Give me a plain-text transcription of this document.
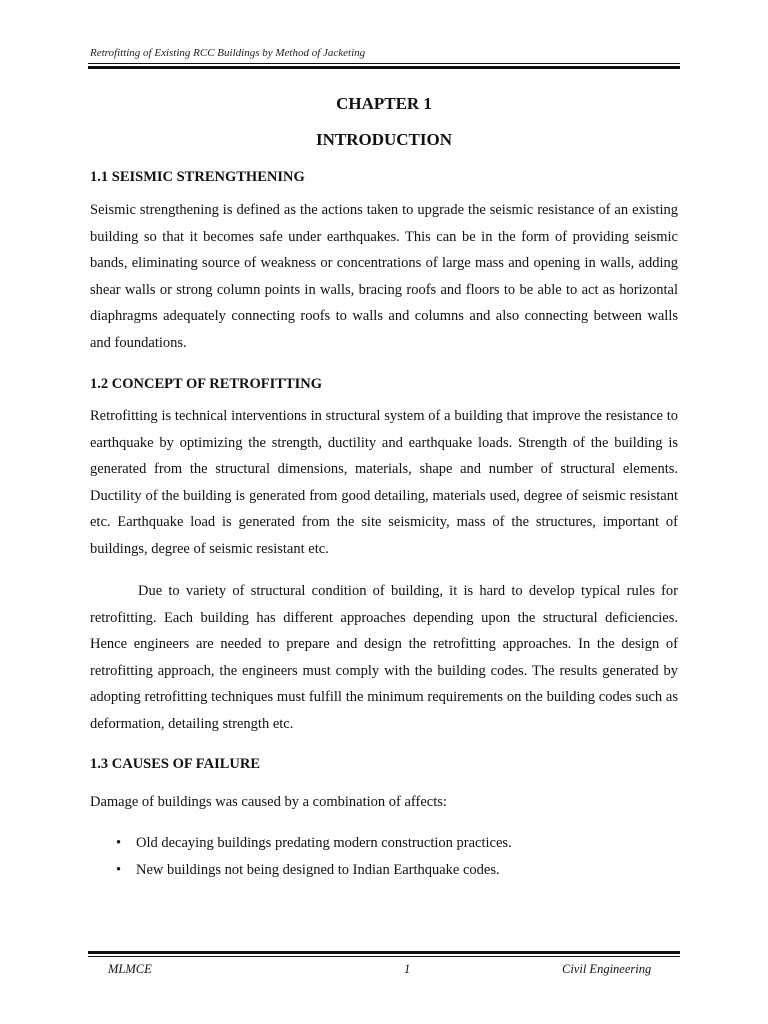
Retrofitting of Existing RCC Buildings by Method of Jacketing
CHAPTER 1
INTRODUCTION
1.1 SEISMIC STRENGTHENING

Seismic strengthening is defined as the actions taken to upgrade the seismic resistance of an existing building so that it becomes safe under earthquakes. This can be in the form of providing seismic bands, eliminating source of weakness or concentrations of large mass and opening in walls, adding shear walls or strong column points in walls, bracing roofs and floors to be able to act as horizontal diaphragms adequately connecting roofs to walls and columns and also connecting between walls and foundations.

1.2 CONCEPT OF RETROFITTING

Retrofitting is technical interventions in structural system of a building that improve the resistance to earthquake by optimizing the strength, ductility and earthquake loads. Strength of the building is generated from the structural dimensions, materials, shape and number of structural elements. Ductility of the building is generated from good detailing, materials used, degree of seismic resistant etc. Earthquake load is generated from the site seismicity, mass of the structures, important of buildings, degree of seismic resistant etc.

Due to variety of structural condition of building, it is hard to develop typical rules for retrofitting. Each building has different approaches depending upon the structural deficiencies. Hence engineers are needed to prepare and design the retrofitting approaches. In the design of retrofitting approach, the engineers must comply with the building codes. The results generated by adopting retrofitting techniques must fulfill the minimum requirements on the building codes such as deformation, detailing strength etc.

1.3 CAUSES OF FAILURE

Damage of buildings was caused by a combination of affects:

• Old decaying buildings predating modern construction practices.
• New buildings not being designed to Indian Earthquake codes.
MLMCE	1	Civil Engineering
